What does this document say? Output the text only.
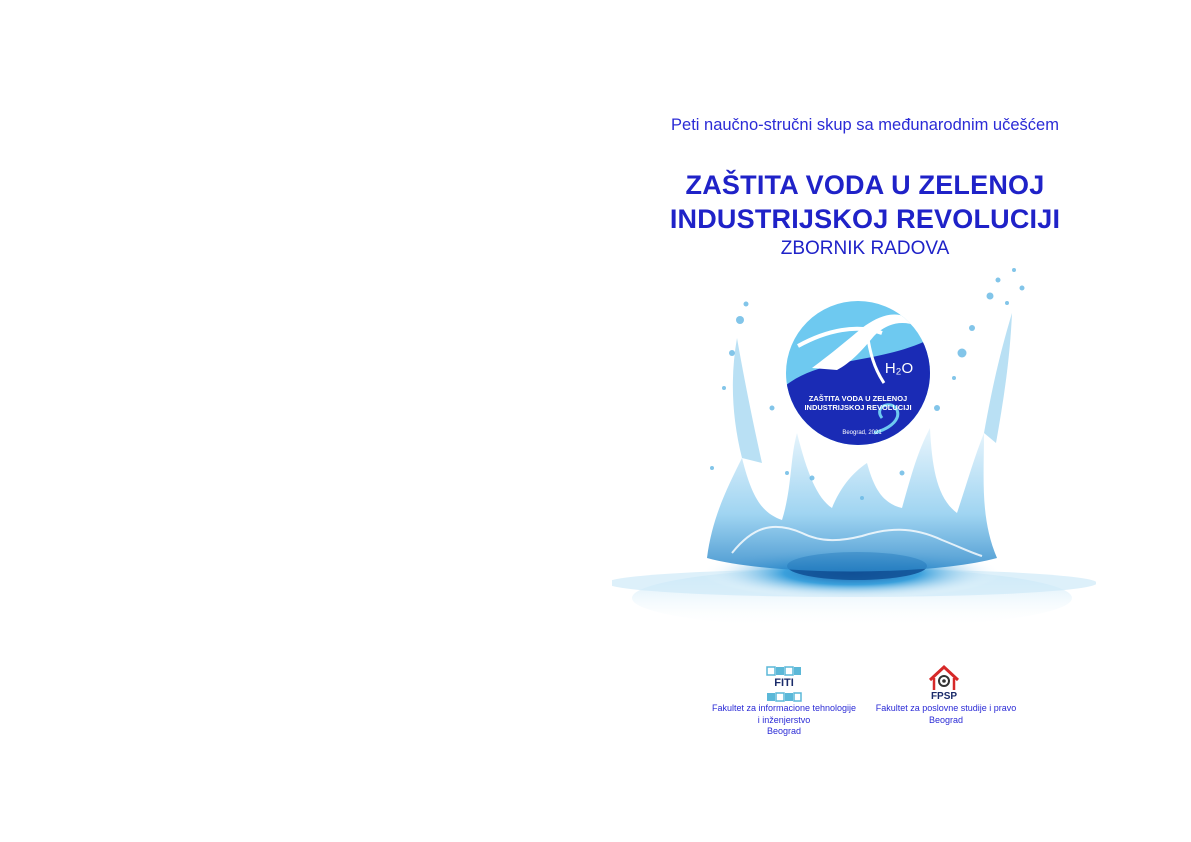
Peti naučno-stručni skup sa međunarodnim učešćem
ZAŠTITA VODA U ZELENOJ
INDUSTRIJSKOJ REVOLUCIJI
ZBORNIK RADOVA
H₂O
ZAŠTITA VODA U ZELENOJ
INDUSTRIJSKOJ REVOLUCIJI
Beograd, 2021
FITI
FPSP
Fakultet za informacione tehnologije
i inženjerstvo
Beograd
Fakultet za poslovne studije i pravo
Beograd
